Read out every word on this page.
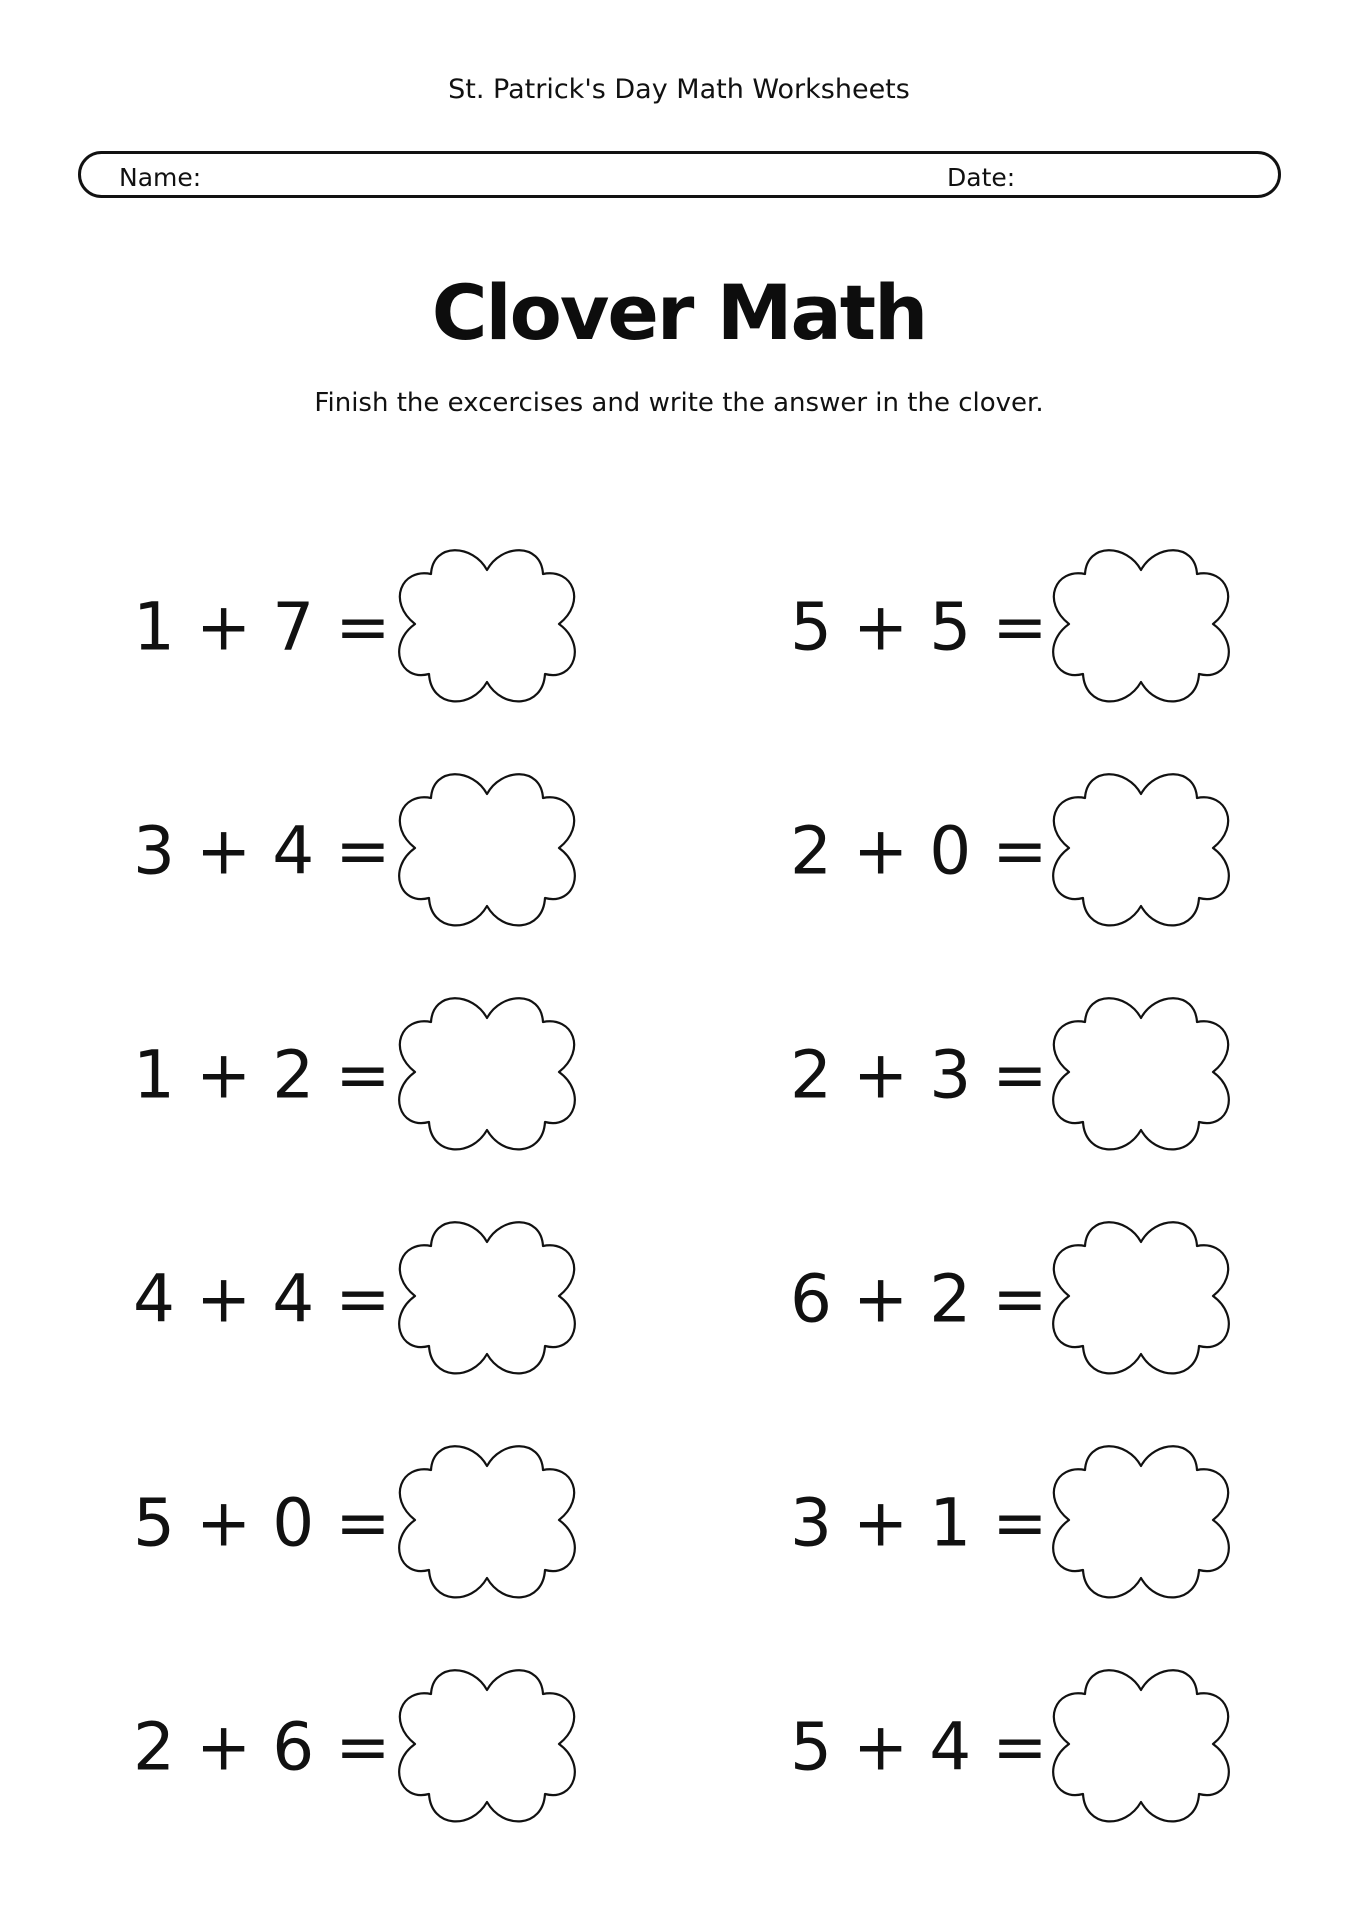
St. Patrick's Day Math Worksheets
Name:	Date:
Clover Math
Finish the excercises and write the answer in the clover.
1 + 7 =
3 + 4 =
1 + 2 =
4 + 4 =
5 + 0 =
2 + 6 =
5 + 5 =
2 + 0 =
2 + 3 =
6 + 2 =
3 + 1 =
5 + 4 =
